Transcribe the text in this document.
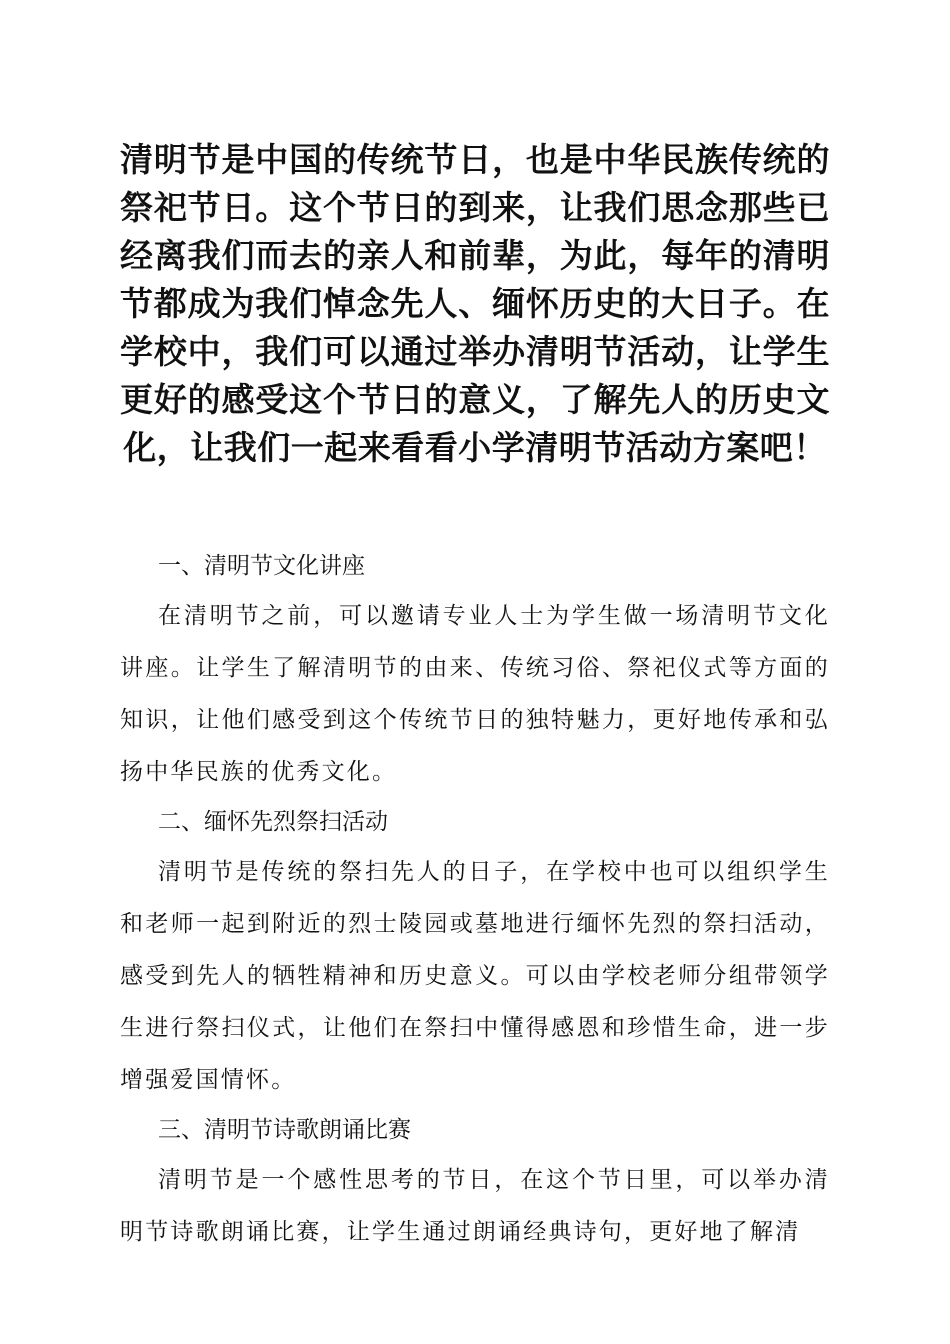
清明节是中国的传统节日，也是中华民族传统的祭祀节日。这个节日的到来，让我们思念那些已经离我们而去的亲人和前辈，为此，每年的清明节都成为我们悼念先人、缅怀历史的大日子。在学校中，我们可以通过举办清明节活动，让学生更好的感受这个节日的意义，了解先人的历史文化，让我们一起来看看小学清明节活动方案吧！

一、清明节文化讲座

在清明节之前，可以邀请专业人士为学生做一场清明节文化讲座。让学生了解清明节的由来、传统习俗、祭祀仪式等方面的知识，让他们感受到这个传统节日的独特魅力，更好地传承和弘扬中华民族的优秀文化。

二、缅怀先烈祭扫活动

清明节是传统的祭扫先人的日子，在学校中也可以组织学生和老师一起到附近的烈士陵园或墓地进行缅怀先烈的祭扫活动，感受到先人的牺牲精神和历史意义。可以由学校老师分组带领学生进行祭扫仪式，让他们在祭扫中懂得感恩和珍惜生命，进一步增强爱国情怀。

三、清明节诗歌朗诵比赛

清明节是一个感性思考的节日，在这个节日里，可以举办清明节诗歌朗诵比赛，让学生通过朗诵经典诗句，更好地了解清
